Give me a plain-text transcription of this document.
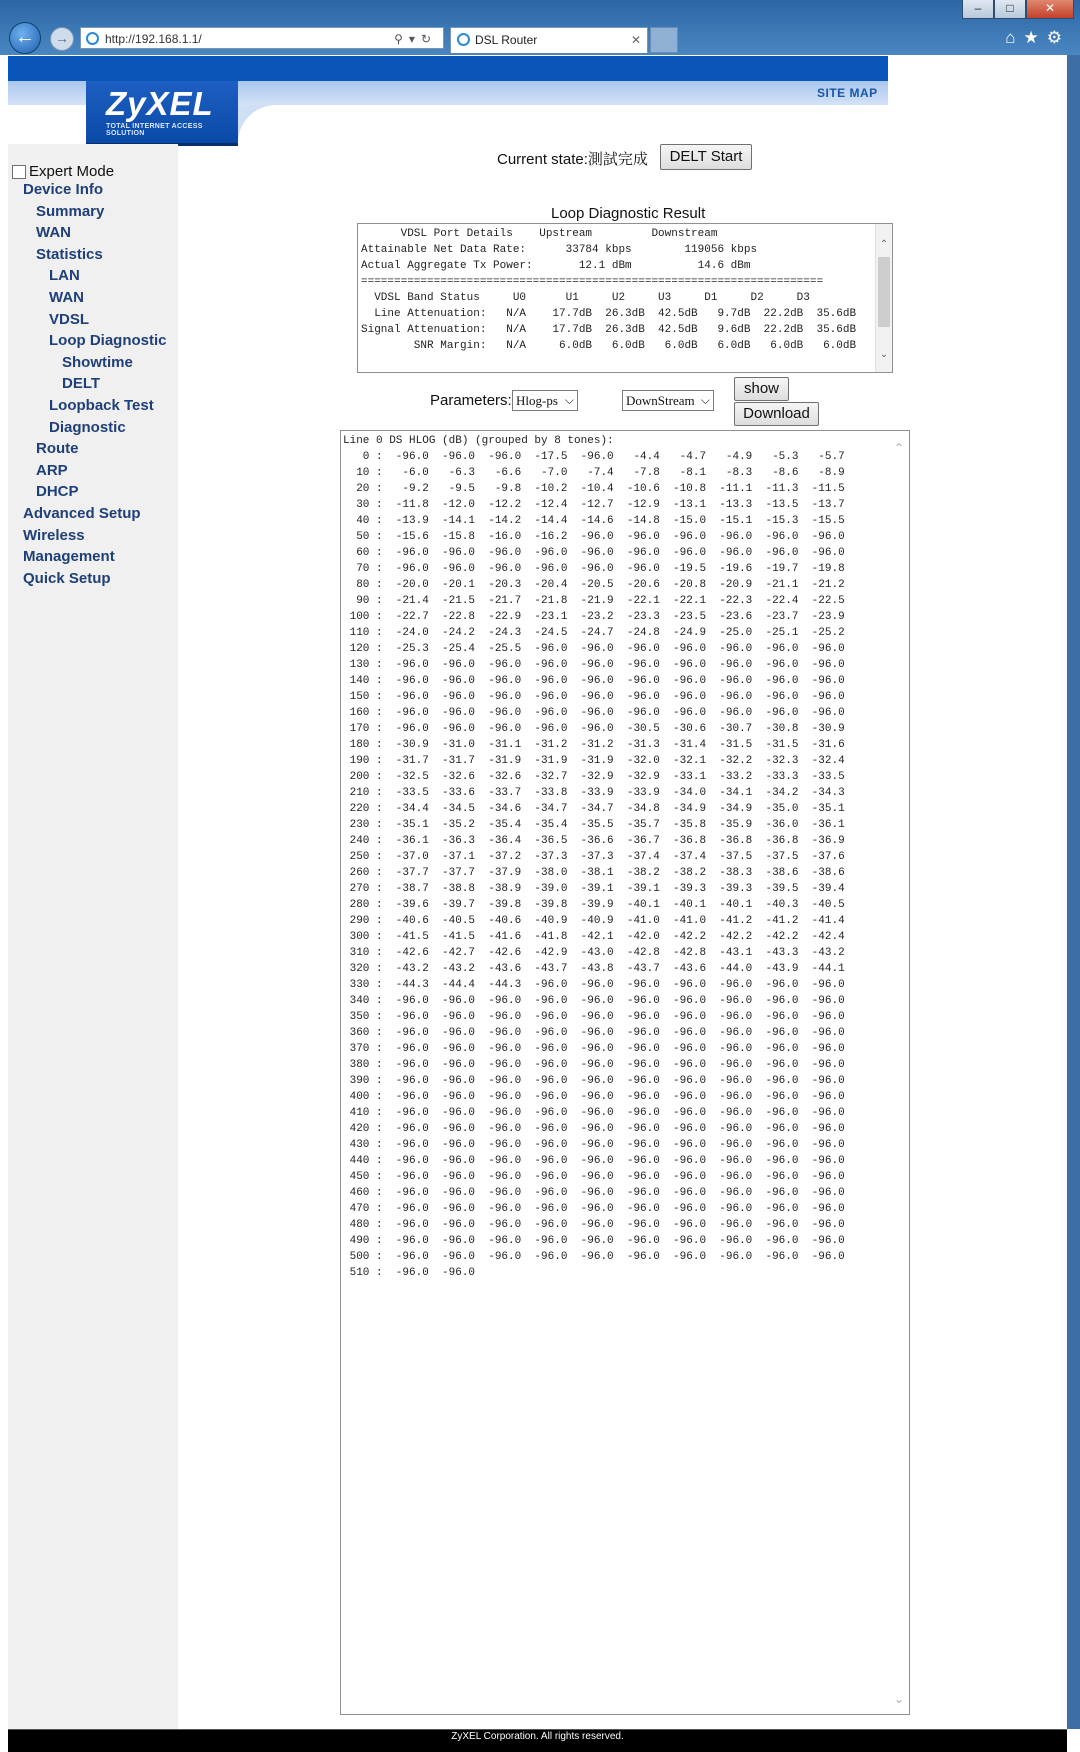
–	□	✕
←	→	http://192.168.1.1/	⚲▾↻	DSL Router	✕	⌂★⚙
ZyXEL
TOTAL INTERNET ACCESS SOLUTION
SITE MAP
Expert Mode
Device Info
Summary
WAN
Statistics
LAN
WAN
VDSL
Loop Diagnostic
Showtime
DELT
Loopback Test
Diagnostic
Route
ARP
DHCP
Advanced Setup
Wireless
Management
Quick Setup
Current state:測試完成	DELT Start
Loop Diagnostic Result
VDSL Port Details    Upstream         Downstream
Attainable Net Data Rate:      33784 kbps        119056 kbps
Actual Aggregate Tx Power:       12.1 dBm          14.6 dBm
======================================================================
VDSL Band Status     U0      U1     U2     U3     D1     D2     D3
Line Attenuation:   N/A    17.7dB  26.3dB  42.5dB   9.7dB  22.2dB  35.6dB
Signal Attenuation:   N/A    17.7dB  26.3dB  42.5dB   9.6dB  22.2dB  35.6dB
SNR Margin:   N/A     6.0dB   6.0dB   6.0dB   6.0dB   6.0dB   6.0dB
⌃
⌄
Parameters: Hlog-ps ⌵	DownStream ⌵
show
Download
Line 0 DS HLOG (dB) (grouped by 8 tones):
0 :  -96.0  -96.0  -96.0  -17.5  -96.0   -4.4   -4.7   -4.9   -5.3   -5.7
10 :   -6.0   -6.3   -6.6   -7.0   -7.4   -7.8   -8.1   -8.3   -8.6   -8.9
20 :   -9.2   -9.5   -9.8  -10.2  -10.4  -10.6  -10.8  -11.1  -11.3  -11.5
30 :  -11.8  -12.0  -12.2  -12.4  -12.7  -12.9  -13.1  -13.3  -13.5  -13.7
40 :  -13.9  -14.1  -14.2  -14.4  -14.6  -14.8  -15.0  -15.1  -15.3  -15.5
50 :  -15.6  -15.8  -16.0  -16.2  -96.0  -96.0  -96.0  -96.0  -96.0  -96.0
60 :  -96.0  -96.0  -96.0  -96.0  -96.0  -96.0  -96.0  -96.0  -96.0  -96.0
70 :  -96.0  -96.0  -96.0  -96.0  -96.0  -96.0  -19.5  -19.6  -19.7  -19.8
80 :  -20.0  -20.1  -20.3  -20.4  -20.5  -20.6  -20.8  -20.9  -21.1  -21.2
90 :  -21.4  -21.5  -21.7  -21.8  -21.9  -22.1  -22.1  -22.3  -22.4  -22.5
100 :  -22.7  -22.8  -22.9  -23.1  -23.2  -23.3  -23.5  -23.6  -23.7  -23.9
110 :  -24.0  -24.2  -24.3  -24.5  -24.7  -24.8  -24.9  -25.0  -25.1  -25.2
120 :  -25.3  -25.4  -25.5  -96.0  -96.0  -96.0  -96.0  -96.0  -96.0  -96.0
130 :  -96.0  -96.0  -96.0  -96.0  -96.0  -96.0  -96.0  -96.0  -96.0  -96.0
140 :  -96.0  -96.0  -96.0  -96.0  -96.0  -96.0  -96.0  -96.0  -96.0  -96.0
150 :  -96.0  -96.0  -96.0  -96.0  -96.0  -96.0  -96.0  -96.0  -96.0  -96.0
160 :  -96.0  -96.0  -96.0  -96.0  -96.0  -96.0  -96.0  -96.0  -96.0  -96.0
170 :  -96.0  -96.0  -96.0  -96.0  -96.0  -30.5  -30.6  -30.7  -30.8  -30.9
180 :  -30.9  -31.0  -31.1  -31.2  -31.2  -31.3  -31.4  -31.5  -31.5  -31.6
190 :  -31.7  -31.7  -31.9  -31.9  -31.9  -32.0  -32.1  -32.2  -32.3  -32.4
200 :  -32.5  -32.6  -32.6  -32.7  -32.9  -32.9  -33.1  -33.2  -33.3  -33.5
210 :  -33.5  -33.6  -33.7  -33.8  -33.9  -33.9  -34.0  -34.1  -34.2  -34.3
220 :  -34.4  -34.5  -34.6  -34.7  -34.7  -34.8  -34.9  -34.9  -35.0  -35.1
230 :  -35.1  -35.2  -35.4  -35.4  -35.5  -35.7  -35.8  -35.9  -36.0  -36.1
240 :  -36.1  -36.3  -36.4  -36.5  -36.6  -36.7  -36.8  -36.8  -36.8  -36.9
250 :  -37.0  -37.1  -37.2  -37.3  -37.3  -37.4  -37.4  -37.5  -37.5  -37.6
260 :  -37.7  -37.7  -37.9  -38.0  -38.1  -38.2  -38.2  -38.3  -38.6  -38.6
270 :  -38.7  -38.8  -38.9  -39.0  -39.1  -39.1  -39.3  -39.3  -39.5  -39.4
280 :  -39.6  -39.7  -39.8  -39.8  -39.9  -40.1  -40.1  -40.1  -40.3  -40.5
290 :  -40.6  -40.5  -40.6  -40.9  -40.9  -41.0  -41.0  -41.2  -41.2  -41.4
300 :  -41.5  -41.5  -41.6  -41.8  -42.1  -42.0  -42.2  -42.2  -42.2  -42.4
310 :  -42.6  -42.7  -42.6  -42.9  -43.0  -42.8  -42.8  -43.1  -43.3  -43.2
320 :  -43.2  -43.2  -43.6  -43.7  -43.8  -43.7  -43.6  -44.0  -43.9  -44.1
330 :  -44.3  -44.4  -44.3  -96.0  -96.0  -96.0  -96.0  -96.0  -96.0  -96.0
340 :  -96.0  -96.0  -96.0  -96.0  -96.0  -96.0  -96.0  -96.0  -96.0  -96.0
350 :  -96.0  -96.0  -96.0  -96.0  -96.0  -96.0  -96.0  -96.0  -96.0  -96.0
360 :  -96.0  -96.0  -96.0  -96.0  -96.0  -96.0  -96.0  -96.0  -96.0  -96.0
370 :  -96.0  -96.0  -96.0  -96.0  -96.0  -96.0  -96.0  -96.0  -96.0  -96.0
380 :  -96.0  -96.0  -96.0  -96.0  -96.0  -96.0  -96.0  -96.0  -96.0  -96.0
390 :  -96.0  -96.0  -96.0  -96.0  -96.0  -96.0  -96.0  -96.0  -96.0  -96.0
400 :  -96.0  -96.0  -96.0  -96.0  -96.0  -96.0  -96.0  -96.0  -96.0  -96.0
410 :  -96.0  -96.0  -96.0  -96.0  -96.0  -96.0  -96.0  -96.0  -96.0  -96.0
420 :  -96.0  -96.0  -96.0  -96.0  -96.0  -96.0  -96.0  -96.0  -96.0  -96.0
430 :  -96.0  -96.0  -96.0  -96.0  -96.0  -96.0  -96.0  -96.0  -96.0  -96.0
440 :  -96.0  -96.0  -96.0  -96.0  -96.0  -96.0  -96.0  -96.0  -96.0  -96.0
450 :  -96.0  -96.0  -96.0  -96.0  -96.0  -96.0  -96.0  -96.0  -96.0  -96.0
460 :  -96.0  -96.0  -96.0  -96.0  -96.0  -96.0  -96.0  -96.0  -96.0  -96.0
470 :  -96.0  -96.0  -96.0  -96.0  -96.0  -96.0  -96.0  -96.0  -96.0  -96.0
480 :  -96.0  -96.0  -96.0  -96.0  -96.0  -96.0  -96.0  -96.0  -96.0  -96.0
490 :  -96.0  -96.0  -96.0  -96.0  -96.0  -96.0  -96.0  -96.0  -96.0  -96.0
500 :  -96.0  -96.0  -96.0  -96.0  -96.0  -96.0  -96.0  -96.0  -96.0  -96.0
510 :  -96.0  -96.0
⌃
⌄
ZyXEL Corporation. All rights reserved.
